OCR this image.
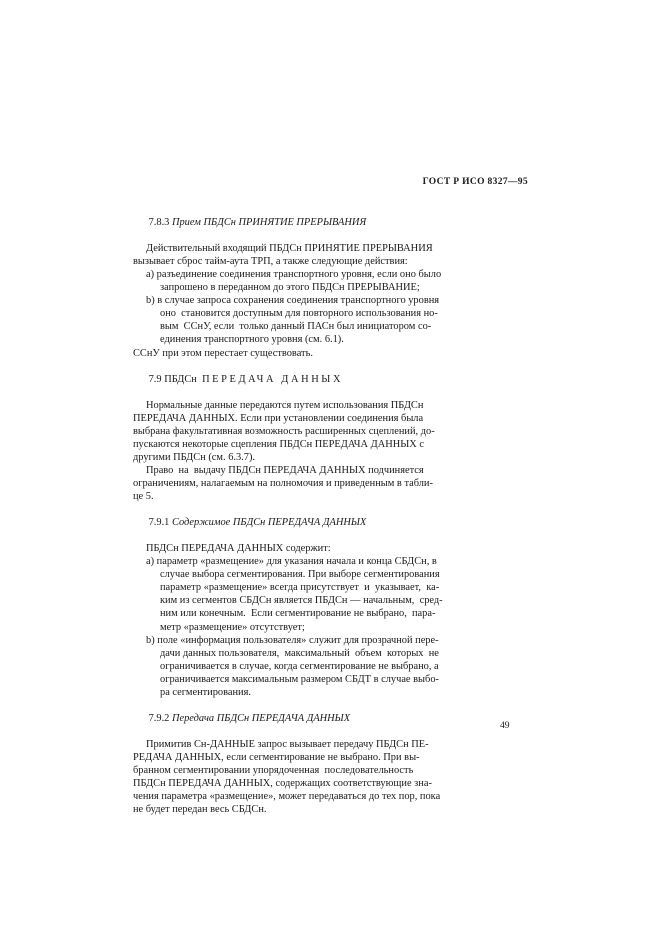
ГОСТ Р ИСО 8327—95

7.8.3 Прием ПБДСн ПРИНЯТИЕ ПРЕРЫВАНИЯ

Действительный входящий ПБДСн ПРИНЯТИЕ ПРЕРЫВАНИЯ
вызывает сброс тайм-аута ТРП, а также следующие действия:
a) разъединение соединения транспортного уровня, если оно было
запрошено в переданном до этого ПБДСн ПРЕРЫВАНИЕ;
b) в случае запроса сохранения соединения транспортного уровня
оно  становится доступным для повторного использования но-
вым  ССнУ, если  только данный ПАСн был инициатором со-
единения транспортного уровня (см. 6.1).
ССнУ при этом перестает существовать.

7.9 ПБДСн ПЕРЕДАЧА ДАННЫХ

Нормальные данные передаются путем использования ПБДСн
ПЕРЕДАЧА ДАННЫХ. Если при установлении соединения была
выбрана факультативная возможность расширенных сцеплений, до-
пускаются некоторые сцепления ПБДСн ПЕРЕДАЧА ДАННЫХ с
другими ПБДСн (см. 6.3.7).
Право  на  выдачу ПБДСн ПЕРЕДАЧА ДАННЫХ подчиняется
ограничениям, налагаемым на полномочия и приведенным в табли-
це 5.

7.9.1 Содержимое ПБДСн ПЕРЕДАЧА ДАННЫХ

ПБДСн ПЕРЕДАЧА ДАННЫХ содержит:
a) параметр «размещение» для указания начала и конца СБДСн, в
случае выбора сегментирования. При выборе сегментирования
параметр «размещение» всегда присутствует  и  указывает,  ка-
ким из сегментов СБДСн является ПБДСн — начальным,  сред-
ним или конечным.  Если сегментирование не выбрано,  пара-
метр «размещение» отсутствует;
b) поле «информация пользователя» служит для прозрачной пере-
дачи данных пользователя,  максимальный  объем  которых  не
ограничивается в случае, когда сегментирование не выбрано, а
ограничивается максимальным размером СБДТ в случае выбо-
ра сегментирования.

7.9.2 Передача ПБДСн ПЕРЕДАЧА ДАННЫХ

Примитив Сн-ДАННЫЕ запрос вызывает передачу ПБДСн ПЕ-
РЕДАЧА ДАННЫХ, если сегментирование не выбрано. При вы-
бранном сегментировании упорядоченная  последовательность
ПБДСн ПЕРЕДАЧА ДАННЫХ, содержащих соответствующие зна-
чения параметра «размещение», может передаваться до тех пор, пока
не будет передан весь СБДСн.
49
